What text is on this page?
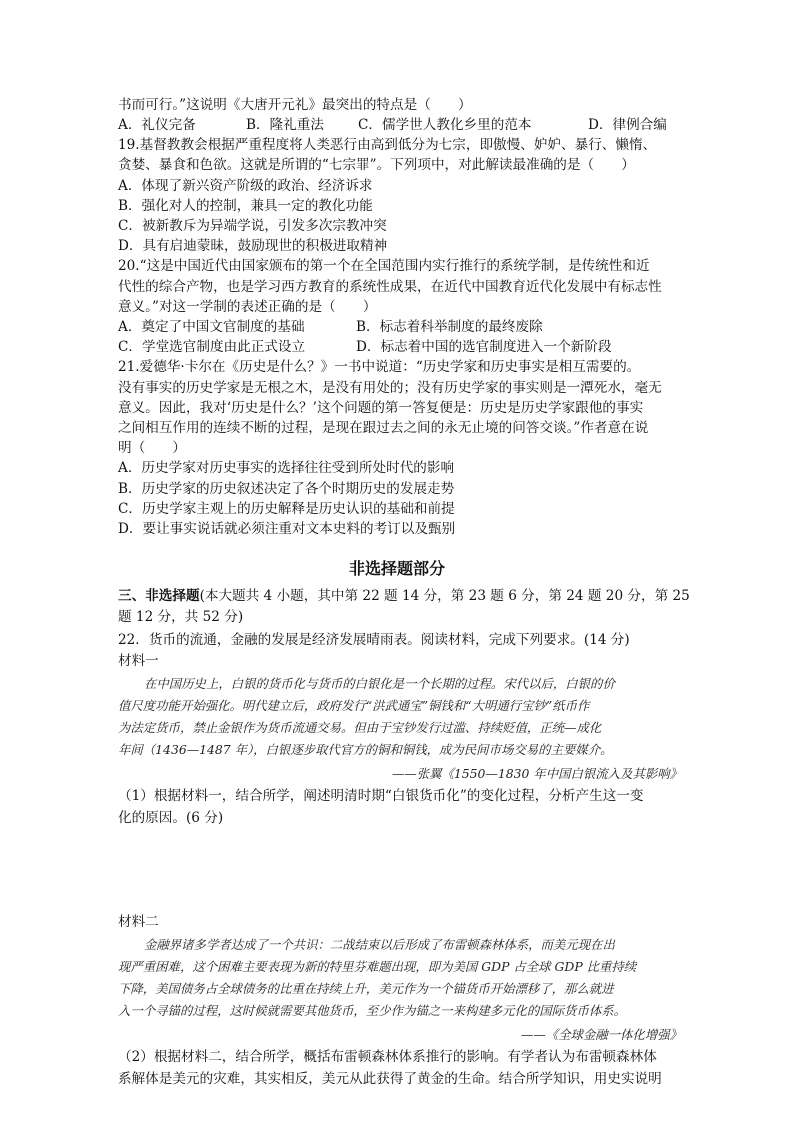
书而可行。”这说明《大唐开元礼》最突出的特点是（　　）
A．礼仪完备	B．隆礼重法	C．儒学世人教化乡里的范本	D．律例合编
19.基督教教会根据严重程度将人类恶行由高到低分为七宗，即傲慢、妒妒、暴行、懒惰、
贪婪、暴食和色欲。这就是所谓的“七宗罪”。下列项中，对此解读最准确的是（　　）
A．体现了新兴资产阶级的政治、经济诉求
B．强化对人的控制，兼具一定的教化功能
C．被新教斥为异端学说，引发多次宗教冲突
D．具有启迪蒙昧，鼓励现世的积极进取精神
20.“这是中国近代由国家颁布的第一个在全国范围内实行推行的系统学制，是传统性和近
代性的综合产物，也是学习西方教育的系统性成果，在近代中国教育近代化发展中有标志性
意义。”对这一学制的表述正确的是（　　）
A．奠定了中国文官制度的基础	B．标志着科举制度的最终废除
C．学堂选官制度由此正式设立	D．标志着中国的选官制度进入一个新阶段
21.爱德华·卡尔在《历史是什么？》一书中说道：“历史学家和历史事实是相互需要的。
没有事实的历史学家是无根之木，是没有用处的；没有历史学家的事实则是一潭死水，毫无
意义。因此，我对‘历史是什么？’这个问题的第一答复便是：历史是历史学家跟他的事实
之间相互作用的连续不断的过程，是现在跟过去之间的永无止境的问答交谈。”作者意在说
明（　　）
A．历史学家对历史事实的选择往往受到所处时代的影响
B．历史学家的历史叙述决定了各个时期历史的发展走势
C．历史学家主观上的历史解释是历史认识的基础和前提
D．要让事实说话就必须注重对文本史料的考订以及甄别
非选择题部分
三、非选择题(本大题共 4 小题，其中第 22 题 14 分，第 23 题 6 分，第 24 题 20 分，第 25
题 12 分，共 52 分)
22．货币的流通，金融的发展是经济发展晴雨表。阅读材料，完成下列要求。(14 分)
材料一
在中国历史上，白银的货币化与货币的白银化是一个长期的过程。宋代以后，白银的价
值尺度功能开始强化。明代建立后，政府发行“洪武通宝”铜钱和“大明通行宝钞”纸币作
为法定货币，禁止金银作为货币流通交易。但由于宝钞发行过滥、持续贬值，正统—成化
年间（1436—1487 年），白银逐步取代官方的铜和铜钱，成为民间市场交易的主要媒介。
——张翼《1550—1830 年中国白银流入及其影响》
（1）根据材料一，结合所学，阐述明清时期“白银货币化”的变化过程，分析产生这一变
化的原因。(6 分)
材料二
金融界诸多学者达成了一个共识：二战结束以后形成了布雷顿森林体系，而美元现在出
现严重困难，这个困难主要表现为新的特里芬难题出现，即为美国 GDP 占全球 GDP 比重持续
下降，美国债务占全球债务的比重在持续上升，美元作为一个锚货币开始漂移了，那么就进
入一个寻锚的过程，这时候就需要其他货币，至少作为锚之一来构建多元化的国际货币体系。
——《全球金融一体化增强》
（2）根据材料二，结合所学，概括布雷顿森林体系推行的影响。有学者认为布雷顿森林体
系解体是美元的灾难，其实相反，美元从此获得了黄金的生命。结合所学知识，用史实说明
